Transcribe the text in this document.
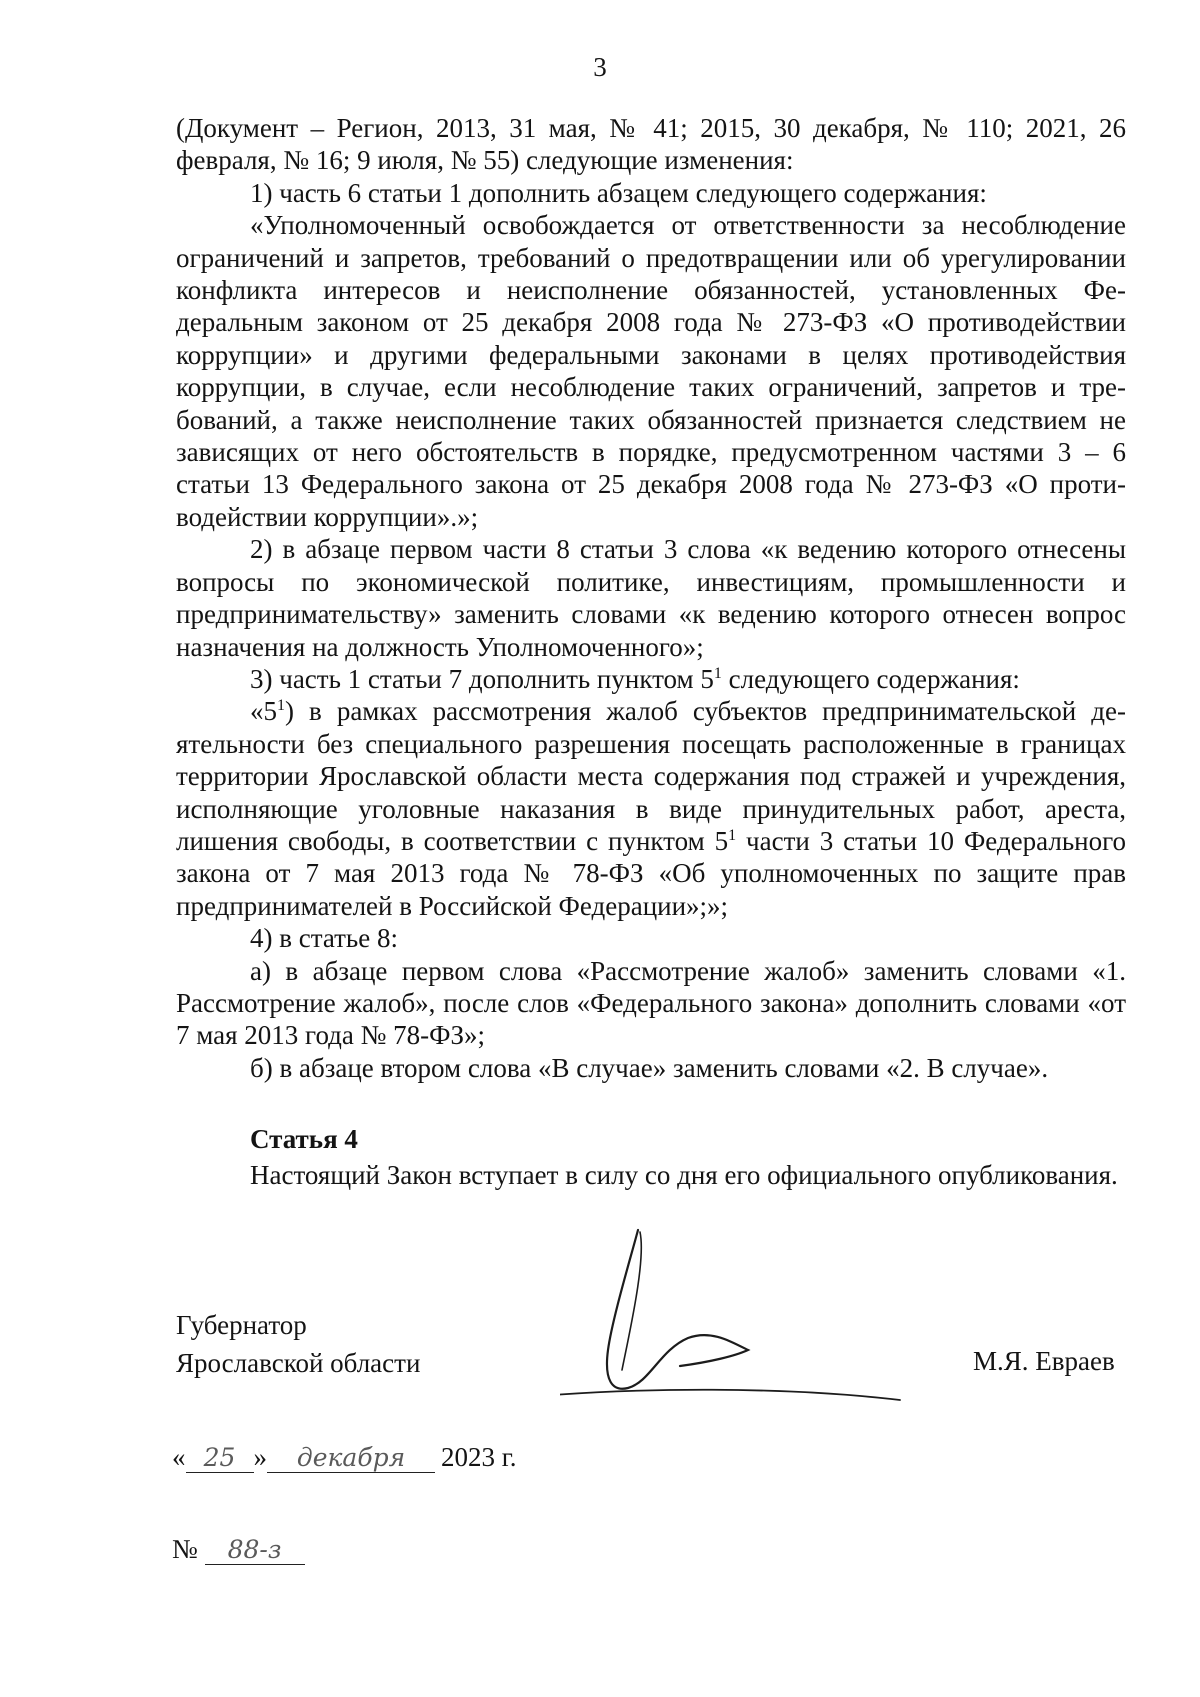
3

(Документ – Регион, 2013, 31 мая, № 41; 2015, 30 декабря, № 110; 2021, 26 февраля, № 16; 9 июля, № 55) следующие изменения:

1) часть 6 статьи 1 дополнить абзацем следующего содержания:

«Уполномоченный освобождается от ответственности за несоблюдение ограничений и запретов, требований о предотвращении или об урегулировании конфликта интересов и неисполнение обязанностей, установленных Федеральным законом от 25 декабря 2008 года № 273-ФЗ «О противодействии коррупции» и другими федеральными законами в целях противодействия коррупции, в случае, если несоблюдение таких ограничений, запретов и требований, а также неисполнение таких обязанностей признается следствием не зависящих от него обстоятельств в порядке, предусмотренном частями 3 – 6 статьи 13 Федерального закона от 25 декабря 2008 года № 273-ФЗ «О противодействии коррупции».»;

2) в абзаце первом части 8 статьи 3 слова «к ведению которого отнесены вопросы по экономической политике, инвестициям, промышленности и предпринимательству» заменить словами «к ведению которого отнесен вопрос назначения на должность Уполномоченного»;

3) часть 1 статьи 7 дополнить пунктом $5^1$ следующего содержания:

«$5^1$) в рамках рассмотрения жалоб субъектов предпринимательской деятельности без специального разрешения посещать расположенные в границах территории Ярославской области места содержания под стражей и учреждения, исполняющие уголовные наказания в виде принудительных работ, ареста, лишения свободы, в соответствии с пунктом $5^1$ части 3 статьи 10 Федерального закона от 7 мая 2013 года № 78-ФЗ «Об уполномоченных по защите прав предпринимателей в Российской Федерации»;»;

4) в статье 8:

а) в абзаце первом слова «Рассмотрение жалоб» заменить словами «1. Рассмотрение жалоб», после слов «Федерального закона» дополнить словами «от 7 мая 2013 года № 78-ФЗ»;

б) в абзаце втором слова «В случае» заменить словами «2. В случае».

Статья 4

Настоящий Закон вступает в силу со дня его официального опубликования.

Губернатор
Ярославской области	М.Я. Евраев
« 25 » декабря 2023 г.
№ 88-з
